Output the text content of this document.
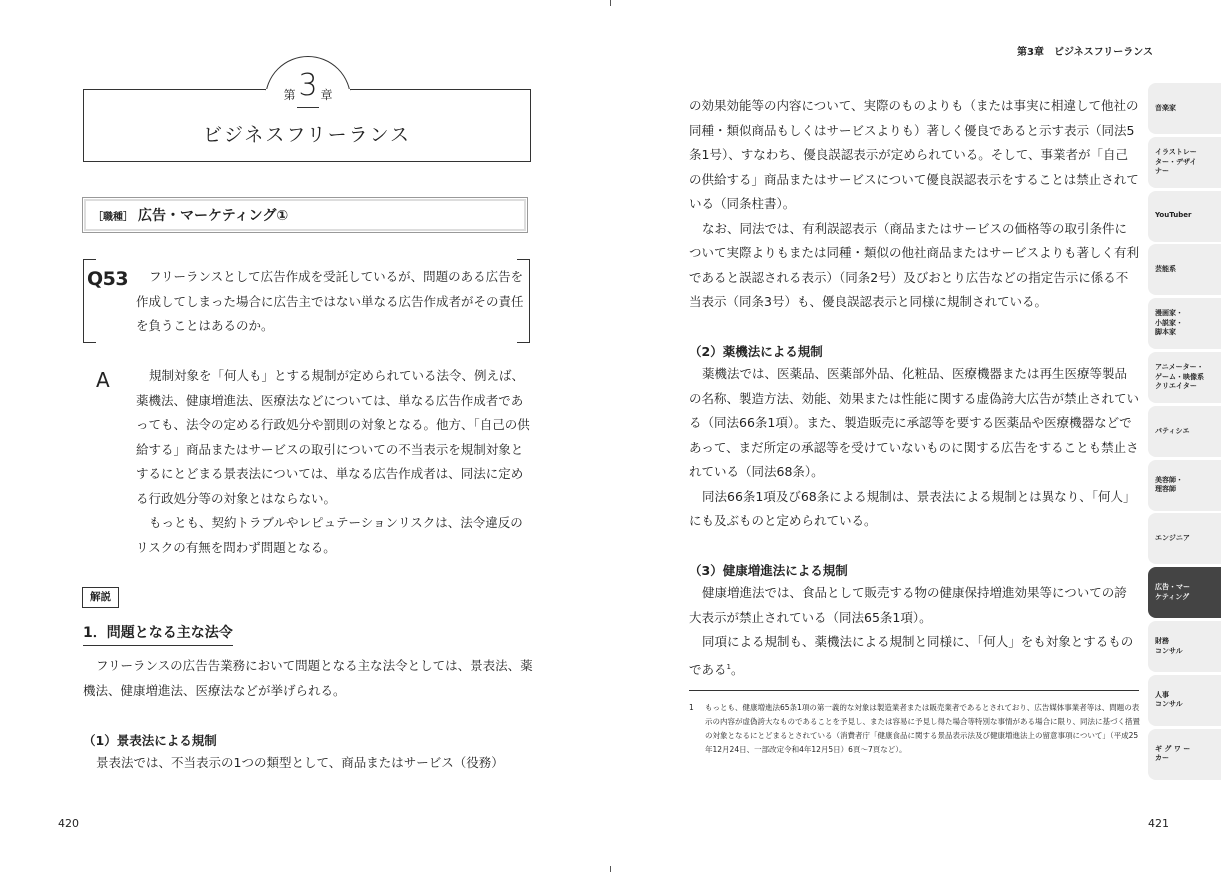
第 3 章
ビジネスフリーランス
［職種］ 広告・マーケティング①
Q53	フリーランスとして広告作成を受託しているが、問題のある広告を作成してしまった場合に広告主ではない単なる広告作成者がその責任を負うことはあるのか。
A	規制対象を「何人も」とする規制が定められている法令、例えば、薬機法、健康増進法、医療法などについては、単なる広告作成者であっても、法令の定める行政処分や罰則の対象となる。他方、「自己の供給する」商品またはサービスの取引についての不当表示を規制対象とするにとどまる景表法については、単なる広告作成者は、同法に定める行政処分等の対象とはならない。

もっとも、契約トラブルやレピュテーションリスクは、法令違反のリスクの有無を問わず問題となる。

解説
1．問題となる主な法令

フリーランスの広告告業務において問題となる主な法令としては、景表法、薬機法、健康増進法、医療法などが挙げられる。

（1）景表法による規制

景表法では、不当表示の1つの類型として、商品またはサービス（役務）

420
第3章　ビジネスフリーランス

の効果効能等の内容について、実際のものよりも（または事実に相違して他社の同種・類似商品もしくはサービスよりも）著しく優良であると示す表示（同法5条1号）、すなわち、優良誤認表示が定められている。そして、事業者が「自己の供給する」商品またはサービスについて優良誤認表示をすることは禁止されている（同条柱書）。

なお、同法では、有利誤認表示（商品またはサービスの価格等の取引条件について実際よりもまたは同種・類似の他社商品またはサービスよりも著しく有利であると誤認される表示）（同条2号）及びおとり広告などの指定告示に係る不当表示（同条3号）も、優良誤認表示と同様に規制されている。

（2）薬機法による規制

薬機法では、医薬品、医薬部外品、化粧品、医療機器または再生医療等製品の名称、製造方法、効能、効果または性能に関する虚偽誇大広告が禁止されている（同法66条1項）。また、製造販売に承認等を要する医薬品や医療機器などであって、まだ所定の承認等を受けていないものに関する広告をすることも禁止されている（同法68条）。

同法66条1項及び68条による規制は、景表法による規制とは異なり、「何人」にも及ぶものと定められている。

（3）健康増進法による規制

健康増進法では、食品として販売する物の健康保持増進効果等についての誇大表示が禁止されている（同法65条1項）。

同項による規制も、薬機法による規制と同様に、「何人」をも対象とするものである$^1$。

1 もっとも、健康増進法65条1項の第一義的な対象は製造業者または販売業者であるとされており、広告媒体事業者等は、問題の表示の内容が虚偽誇大なものであることを予見し、または容易に予見し得た場合等特別な事情がある場合に限り、同法に基づく措置の対象となるにとどまるとされている（消費者庁「健康食品に関する景品表示法及び健康増進法上の留意事項について」（平成25年12月24日、一部改定令和4年12月5日）6頁〜7頁など）。
421
音楽家
イラストレー
ター・デザイ
ナー
YouTuber
芸能系
漫画家・
小説家・
脚本家
アニメーター・
ゲーム・映像系
クリエイター
パティシエ
美容師・
理容師
エンジニア
広告・マー
ケティング
財務
コンサル
人事
コンサル
ギ グ ワ ー
カー
